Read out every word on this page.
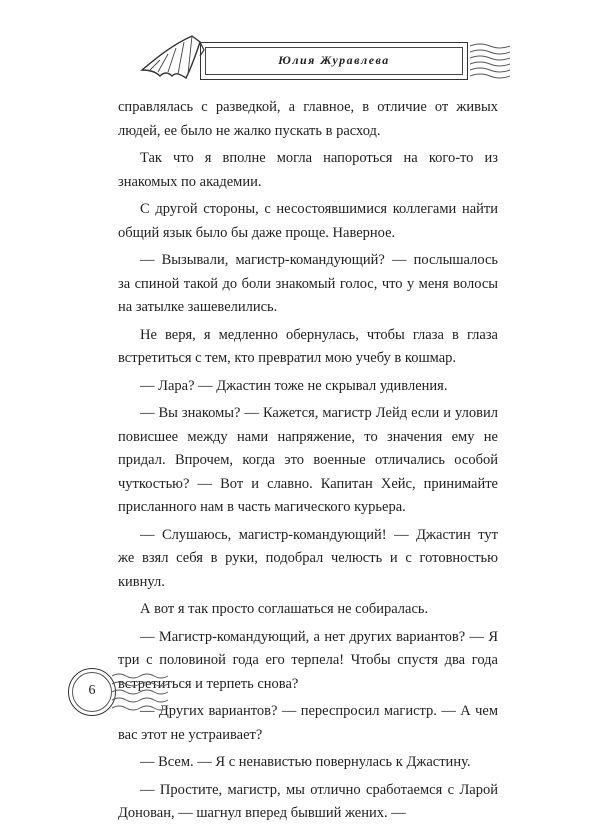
Юлия Журавлева

справлялась с разведкой, а главное, в отличие от живых людей, ее было не жалко пускать в расход.

Так что я вполне могла напороться на кого-то из знакомых по академии.

С другой стороны, с несостоявшимися коллегами найти общий язык было бы даже проще. Наверное.

— Вызывали, магистр-командующий? — послышалось за спиной такой до боли знакомый голос, что у меня волосы на затылке зашевелились.

Не веря, я медленно обернулась, чтобы глаза в глаза встретиться с тем, кто превратил мою учебу в кошмар.

— Лара? — Джастин тоже не скрывал удивления.

— Вы знакомы? — Кажется, магистр Лейд если и уловил повисшее между нами напряжение, то значения ему не придал. Впрочем, когда это военные отличались особой чуткостью? — Вот и славно. Капитан Хейс, принимайте присланного нам в часть магического курьера.

— Слушаюсь, магистр-командующий! — Джастин тут же взял себя в руки, подобрал челюсть и с готовностью кивнул.

А вот я так просто соглашаться не собиралась.

— Магистр-командующий, а нет других вариантов? — Я три с половиной года его терпела! Чтобы спустя два года встретиться и терпеть снова?

— Других вариантов? — переспросил магистр. — А чем вас этот не устраивает?

— Всем. — Я с ненавистью повернулась к Джастину.

— Простите, магистр, мы отлично сработаемся с Ларой Донован, — шагнул вперед бывший жених. —

6
